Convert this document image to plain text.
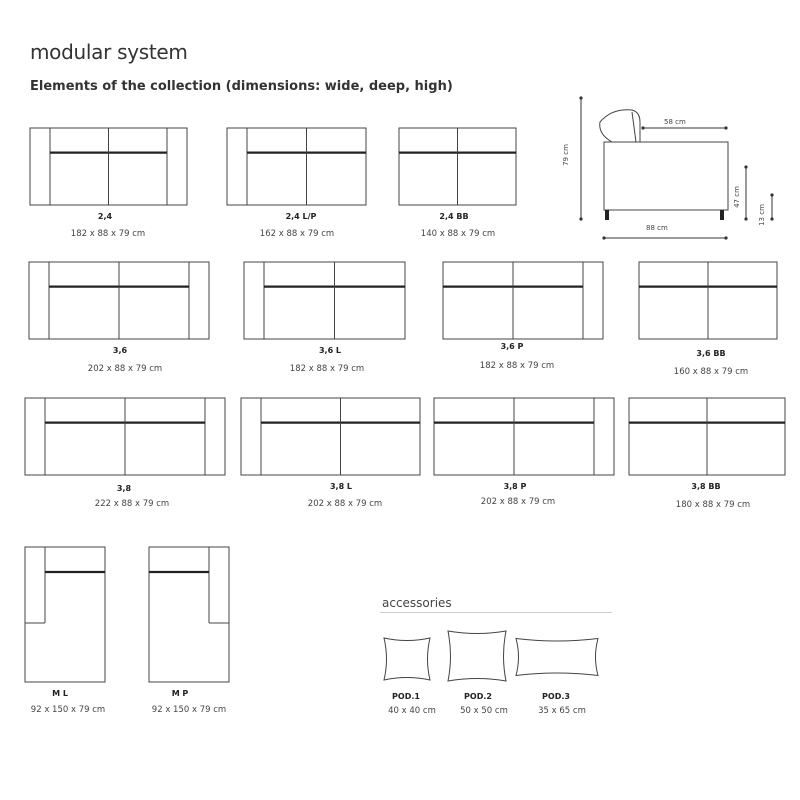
modular system
Elements of the collection (dimensions: wide, deep, high)
accessories
58 cm
79 cm
47 cm
13 cm
88 cm
2,4
182 x 88 x 79 cm
2,4 L/P
162 x 88 x 79 cm
2,4 BB
140 x 88 x 79 cm
3,6
202 x 88 x 79 cm
3,6 L
182 x 88 x 79 cm
3,6 P
182 x 88 x 79 cm
3,6 BB
160 x 88 x 79 cm
3,8
222 x 88 x 79 cm
3,8 L
202 x 88 x 79 cm
3,8 P
202 x 88 x 79 cm
3,8 BB
180 x 88 x 79 cm
M L
92 x 150 x 79 cm
M P
92 x 150 x 79 cm
POD.1
40 x 40 cm
POD.2
50 x 50 cm
POD.3
35 x 65 cm
